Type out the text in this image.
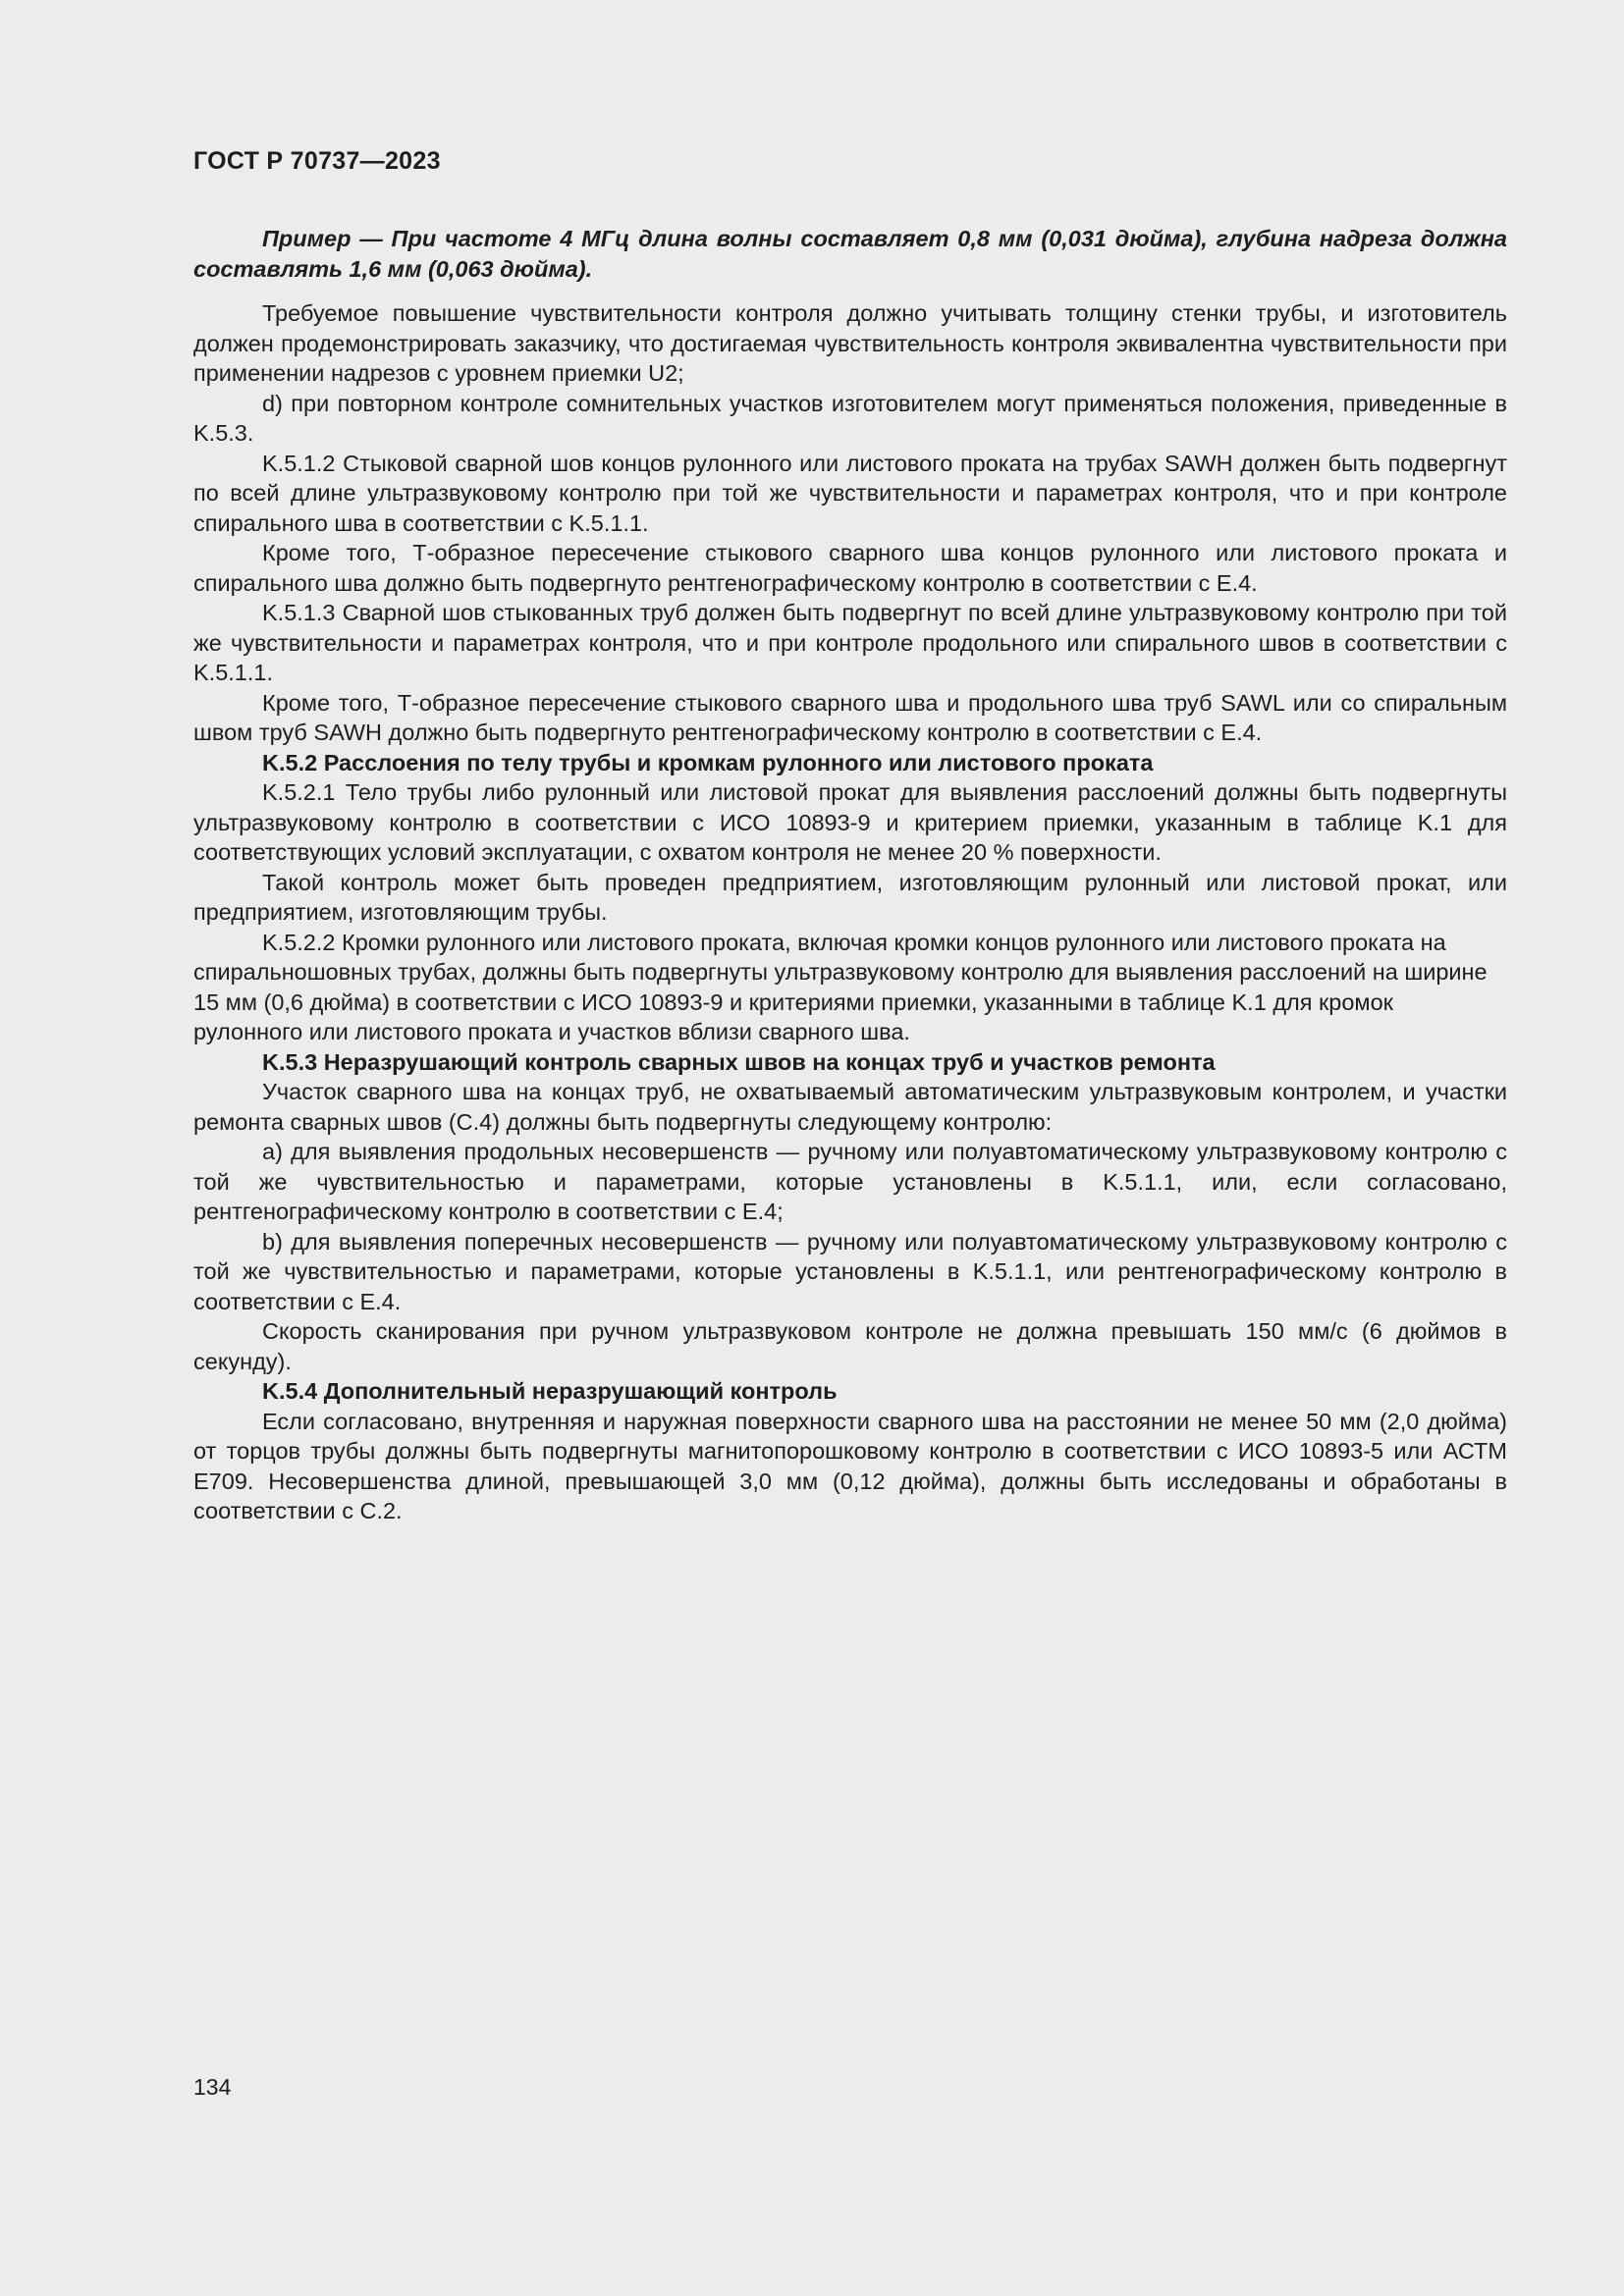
ГОСТ Р 70737—2023
Пример — При частоте 4 МГц длина волны составляет 0,8 мм (0,031 дюйма), глубина надреза должна составлять 1,6 мм (0,063 дюйма).

Требуемое повышение чувствительности контроля должно учитывать толщину стенки трубы, и изготовитель должен продемонстрировать заказчику, что достигаемая чувствительность контроля эквивалентна чувствительности при применении надрезов с уровнем приемки U2;

d) при повторном контроле сомнительных участков изготовителем могут применяться положения, приведенные в K.5.3.

K.5.1.2 Стыковой сварной шов концов рулонного или листового проката на трубах SAWH должен быть подвергнут по всей длине ультразвуковому контролю при той же чувствительности и параметрах контроля, что и при контроле спирального шва в соответствии с K.5.1.1.

Кроме того, Т-образное пересечение стыкового сварного шва концов рулонного или листового проката и спирального шва должно быть подвергнуто рентгенографическому контролю в соответствии с E.4.

K.5.1.3 Сварной шов стыкованных труб должен быть подвергнут по всей длине ультразвуковому контролю при той же чувствительности и параметрах контроля, что и при контроле продольного или спирального швов в соответствии с K.5.1.1.

Кроме того, Т-образное пересечение стыкового сварного шва и продольного шва труб SAWL или со спиральным швом труб SAWH должно быть подвергнуто рентгенографическому контролю в соответствии с E.4.

K.5.2 Расслоения по телу трубы и кромкам рулонного или листового проката

K.5.2.1 Тело трубы либо рулонный или листовой прокат для выявления расслоений должны быть подвергнуты ультразвуковому контролю в соответствии с ИСО 10893-9 и критерием приемки, указанным в таблице K.1 для соответствующих условий эксплуатации, с охватом контроля не менее 20 % поверхности.

Такой контроль может быть проведен предприятием, изготовляющим рулонный или листовой прокат, или предприятием, изготовляющим трубы.

K.5.2.2 Кромки рулонного или листового проката, включая кромки концов рулонного или листового проката на спиральношовных трубах, должны быть подвергнуты ультразвуковому контролю для выявления расслоений на ширине 15 мм (0,6 дюйма) в соответствии с ИСО 10893-9 и критериями приемки, указанными в таблице K.1 для кромок рулонного или листового проката и участков вблизи сварного шва.

K.5.3 Неразрушающий контроль сварных швов на концах труб и участков ремонта

Участок сварного шва на концах труб, не охватываемый автоматическим ультразвуковым контролем, и участки ремонта сварных швов (C.4) должны быть подвергнуты следующему контролю:

a) для выявления продольных несовершенств — ручному или полуавтоматическому ультразвуковому контролю с той же чувствительностью и параметрами, которые установлены в K.5.1.1, или, если согласовано, рентгенографическому контролю в соответствии с E.4;

b) для выявления поперечных несовершенств — ручному или полуавтоматическому ультразвуковому контролю с той же чувствительностью и параметрами, которые установлены в K.5.1.1, или рентгенографическому контролю в соответствии с E.4.

Скорость сканирования при ручном ультразвуковом контроле не должна превышать 150 мм/с (6 дюймов в секунду).

K.5.4 Дополнительный неразрушающий контроль

Если согласовано, внутренняя и наружная поверхности сварного шва на расстоянии не менее 50 мм (2,0 дюйма) от торцов трубы должны быть подвергнуты магнитопорошковому контролю в соответствии с ИСО 10893-5 или АСТМ E709. Несовершенства длиной, превышающей 3,0 мм (0,12 дюйма), должны быть исследованы и обработаны в соответствии с C.2.

134
